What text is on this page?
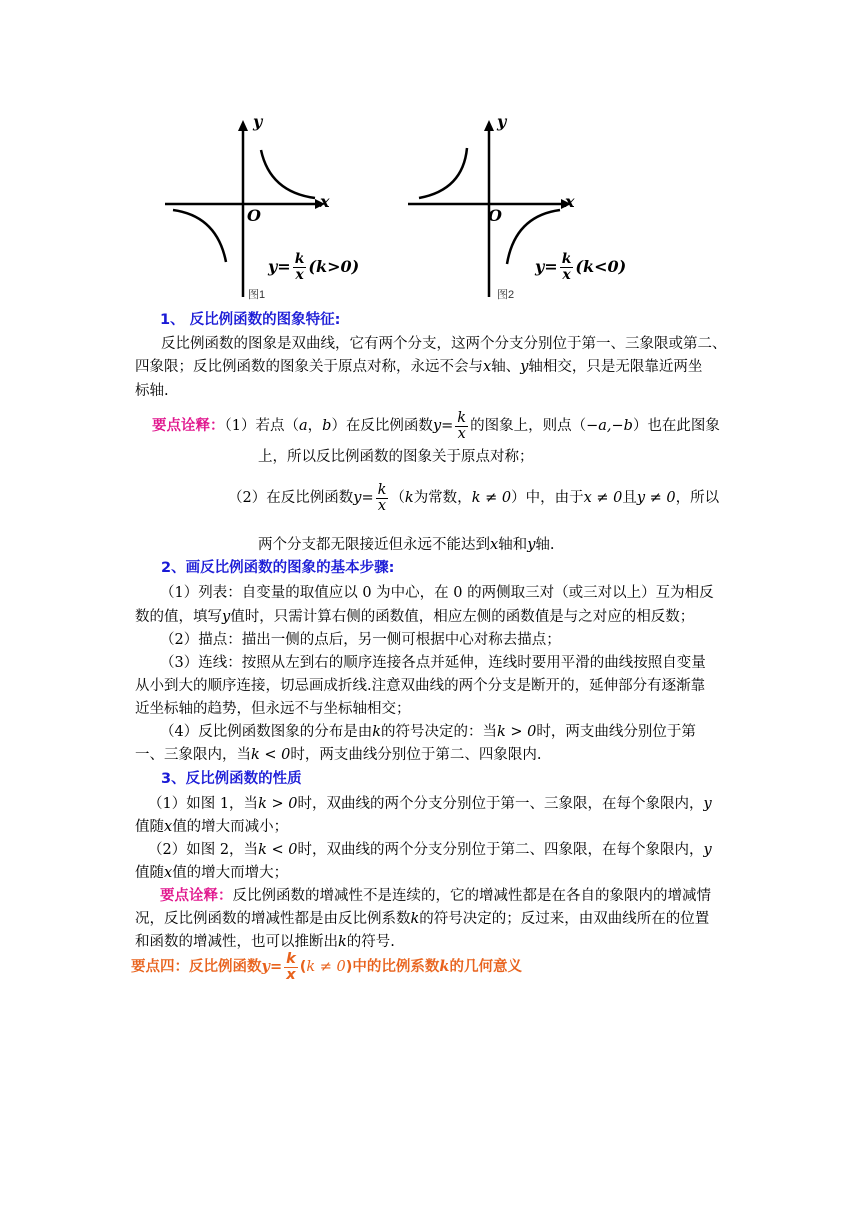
y
x
O
$y= \frac{k}{x} (k>0)$
图1
y
x
O
$y= \frac{k}{x} (k<0)$
图2
1、 反比例函数的图象特征:
反比例函数的图象是双曲线，它有两个分支，这两个分支分别位于第一、三象限或第二、
四象限；反比例函数的图象关于原点对称，永远不会与x轴、y轴相交，只是无限靠近两坐
标轴.
要点诠释：（1）若点（a，b）在反比例函数$y= \frac{k}{x}$ 的图象上，则点（−a,−b）也在此图象
上，所以反比例函数的图象关于原点对称；
（2）在反比例函数$y= \frac{k}{x} (k$为常数，k ≠ 0）中，由于x ≠ 0且y ≠ 0，所以
两个分支都无限接近但永远不能达到x轴和y轴.
2、画反比例函数的图象的基本步骤:
（1）列表：自变量的取值应以 0 为中心，在 0 的两侧取三对（或三对以上）互为相反
数的值，填写y值时，只需计算右侧的函数值，相应左侧的函数值是与之对应的相反数；
（2）描点：描出一侧的点后，另一侧可根据中心对称去描点；
（3）连线：按照从左到右的顺序连接各点并延伸，连线时要用平滑的曲线按照自变量
从小到大的顺序连接，切忌画成折线.注意双曲线的两个分支是断开的，延伸部分有逐渐靠
近坐标轴的趋势，但永远不与坐标轴相交；
（4）反比例函数图象的分布是由k的符号决定的：当k > 0时，两支曲线分别位于第
一、三象限内，当k < 0时，两支曲线分别位于第二、四象限内.
3、反比例函数的性质
（1）如图 1，当k > 0时，双曲线的两个分支分别位于第一、三象限，在每个象限内，y
值随x值的增大而减小；
（2）如图 2，当k < 0时，双曲线的两个分支分别位于第二、四象限，在每个象限内，y
值随x值的增大而增大；
要点诠释：反比例函数的增减性不是连续的，它的增减性都是在各自的象限内的增减情
况，反比例函数的增减性都是由反比例系数k的符号决定的；反过来，由双曲线所在的位置
和函数的增减性，也可以推断出k的符号.
要点四：反比例函数$y= \frac{k}{x} (k \ne 0)$中的比例系数k的几何意义
